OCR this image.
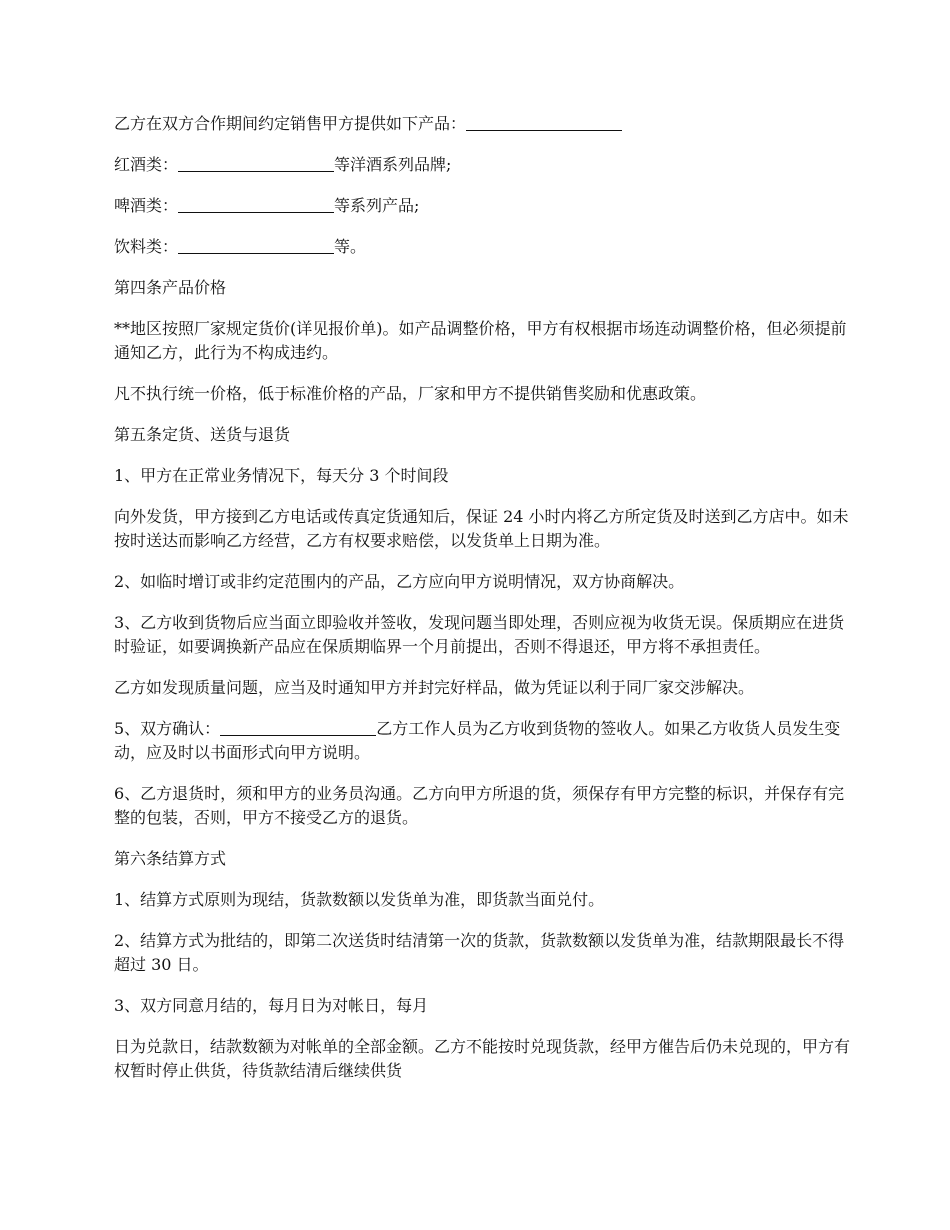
乙方在双方合作期间约定销售甲方提供如下产品：

红酒类：	等洋酒系列品牌;

啤酒类：	等系列产品;

饮料类：	等。

第四条产品价格

**地区按照厂家规定货价(详见报价单)。如产品调整价格，甲方有权根据市场连动调整价格，但必须提前通知乙方，此行为不构成违约。

凡不执行统一价格，低于标准价格的产品，厂家和甲方不提供销售奖励和优惠政策。

第五条定货、送货与退货

1、甲方在正常业务情况下，每天分 3 个时间段

向外发货，甲方接到乙方电话或传真定货通知后，保证 24 小时内将乙方所定货及时送到乙方店中。如未按时送达而影响乙方经营，乙方有权要求赔偿，以发货单上日期为准。

2、如临时增订或非约定范围内的产品，乙方应向甲方说明情况，双方协商解决。

3、乙方收到货物后应当面立即验收并签收，发现问题当即处理，否则应视为收货无误。保质期应在进货时验证，如要调换新产品应在保质期临界一个月前提出，否则不得退还，甲方将不承担责任。

乙方如发现质量问题，应当及时通知甲方并封完好样品，做为凭证以利于同厂家交涉解决。

5、双方确认：	乙方工作人员为乙方收到货物的签收人。如果乙方收货人员发生变动，应及时以书面形式向甲方说明。

6、乙方退货时，须和甲方的业务员沟通。乙方向甲方所退的货，须保存有甲方完整的标识，并保存有完整的包装，否则，甲方不接受乙方的退货。

第六条结算方式

1、结算方式原则为现结，货款数额以发货单为准，即货款当面兑付。

2、结算方式为批结的，即第二次送货时结清第一次的货款，货款数额以发货单为准，结款期限最长不得超过 30 日。

3、双方同意月结的，每月日为对帐日，每月

日为兑款日，结款数额为对帐单的全部金额。乙方不能按时兑现货款，经甲方催告后仍未兑现的，甲方有权暂时停止供货，待货款结清后继续供货
